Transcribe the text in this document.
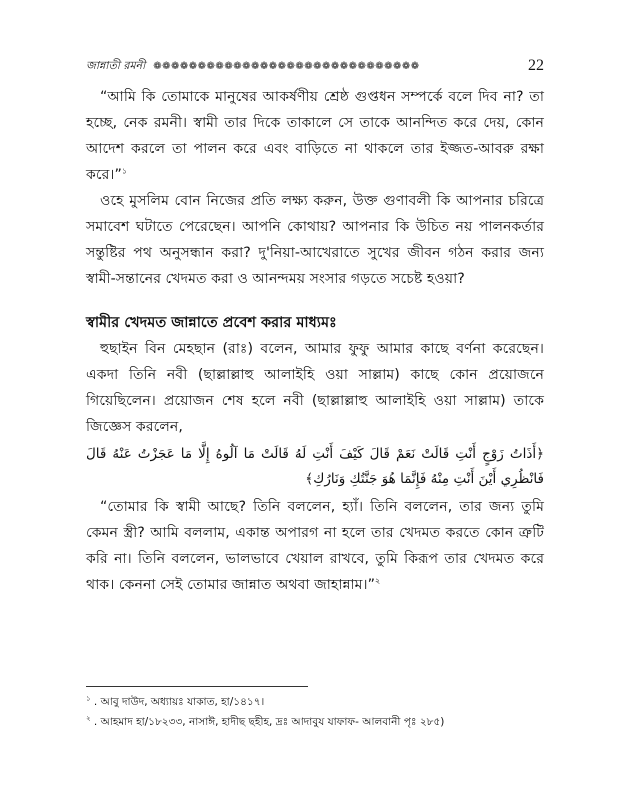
জান্নাতী রমনী ❁❁❁❁❁❁❁❁❁❁❁❁❁❁❁❁❁❁❁❁❁❁❁❁❁❁❁❁❁❁	22

“আমি কি তোমাকে মানুষের আকর্ষণীয় শ্রেষ্ঠ গুপ্তধন সম্পর্কে বলে দিব না? তা হচ্ছে, নেক রমনী। স্বামী তার দিকে তাকালে সে তাকে আনন্দিত করে দেয়, কোন আদেশ করলে তা পালন করে এবং বাড়িতে না থাকলে তার ইজ্জত-আবরু রক্ষা করে।”$^১$

ওহে মুসলিম বোন নিজের প্রতি লক্ষ্য করুন, উক্ত গুণাবলী কি আপনার চরিত্রে সমাবেশ ঘটাতে পেরেছেন। আপনি কোথায়? আপনার কি উচিত নয় পালনকর্তার সন্তুষ্টির পথ অনুসন্ধান করা? দু'নিয়া-আখেরাতে সুখের জীবন গঠন করার জন্য স্বামী-সন্তানের খেদমত করা ও আনন্দময় সংসার গড়তে সচেষ্ট হওয়া?

স্বামীর খেদমত জান্নাতে প্রবেশ করার মাধ্যমঃ

হুছাইন বিন মেহছান (রাঃ) বলেন, আমার ফুফু আমার কাছে বর্ণনা করেছেন। একদা তিনি নবী (ছাল্লাল্লাহু আলাইহি ওয়া সাল্লাম) কাছে কোন প্রয়োজনে গিয়েছিলেন। প্রয়োজন শেষ হলে নবী (ছাল্লাল্লাহু আলাইহি ওয়া সাল্লাম) তাকে জিজ্ঞেস করলেন,

﴿أَذَاتُ زَوْجٍ أَنْتِ قَالَتْ نَعَمْ قَالَ كَيْفَ أَنْتِ لَهُ قَالَتْ مَا آلُوهُ إِلَّا مَا عَجَزْتُ عَنْهُ قَالَ فَانْظُرِي أَيْنَ أَنْتِ مِنْهُ فَإِنَّمَا هُوَ جَنَّتُكِ وَنَارُكِ﴾

“তোমার কি স্বামী আছে? তিনি বললেন, হ্যাঁ। তিনি বললেন, তার জন্য তুমি কেমন স্ত্রী? আমি বললাম, একান্ত অপারগ না হলে তার খেদমত করতে কোন ত্রুটি করি না। তিনি বললেন, ভালভাবে খেয়াল রাখবে, তুমি কিরূপ তার খেদমত করে থাক। কেননা সেই তোমার জান্নাত অথবা জাহান্নাম।”$^২$

$^১$ . আবু দাউদ, অধ্যায়ঃ যাকাত, হা/১৪১৭।
$^২$ . আহমাদ হা/১৮২৩৩, নাসাঈ, হাদীছ ছহীহ, দ্রঃ আদাবুয যাফাফ- আলবানী পৃঃ ২৮৫)
